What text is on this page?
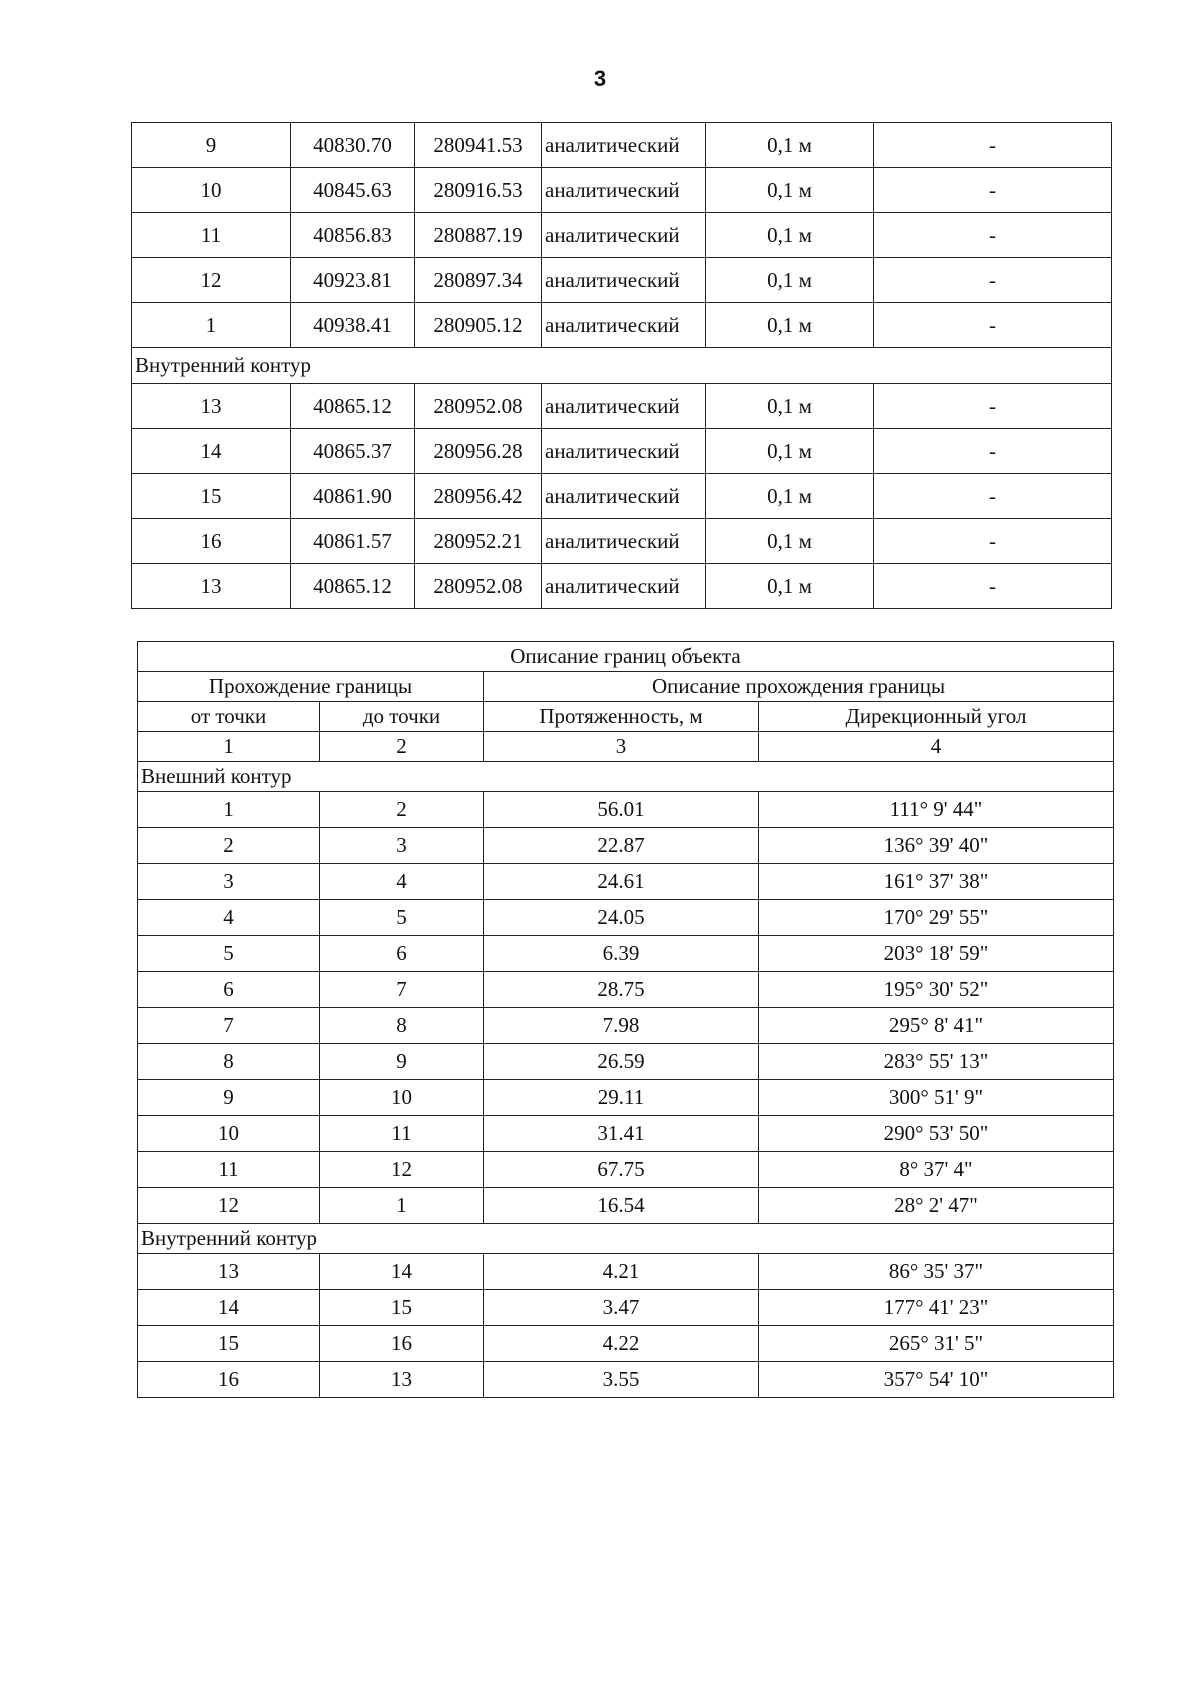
3
9	40830.70	280941.53	аналитический	0,1 м	-
10	40845.63	280916.53	аналитический	0,1 м	-
11	40856.83	280887.19	аналитический	0,1 м	-
12	40923.81	280897.34	аналитический	0,1 м	-
1	40938.41	280905.12	аналитический	0,1 м	-
Внутренний контур					
13	40865.12	280952.08	аналитический	0,1 м	-
14	40865.37	280956.28	аналитический	0,1 м	-
15	40861.90	280956.42	аналитический	0,1 м	-
16	40861.57	280952.21	аналитический	0,1 м	-
13	40865.12	280952.08	аналитический	0,1 м	-
Описание границ объекта			
Прохождение границы		Описание прохождения границы	
от точки	до точки	Протяженность, м	Дирекционный угол
1	2	3	4
Внешний контур			
1	2	56.01	111° 9' 44"
2	3	22.87	136° 39' 40"
3	4	24.61	161° 37' 38"
4	5	24.05	170° 29' 55"
5	6	6.39	203° 18' 59"
6	7	28.75	195° 30' 52"
7	8	7.98	295° 8' 41"
8	9	26.59	283° 55' 13"
9	10	29.11	300° 51' 9"
10	11	31.41	290° 53' 50"
11	12	67.75	8° 37' 4"
12	1	16.54	28° 2' 47"
Внутренний контур			
13	14	4.21	86° 35' 37"
14	15	3.47	177° 41' 23"
15	16	4.22	265° 31' 5"
16	13	3.55	357° 54' 10"
